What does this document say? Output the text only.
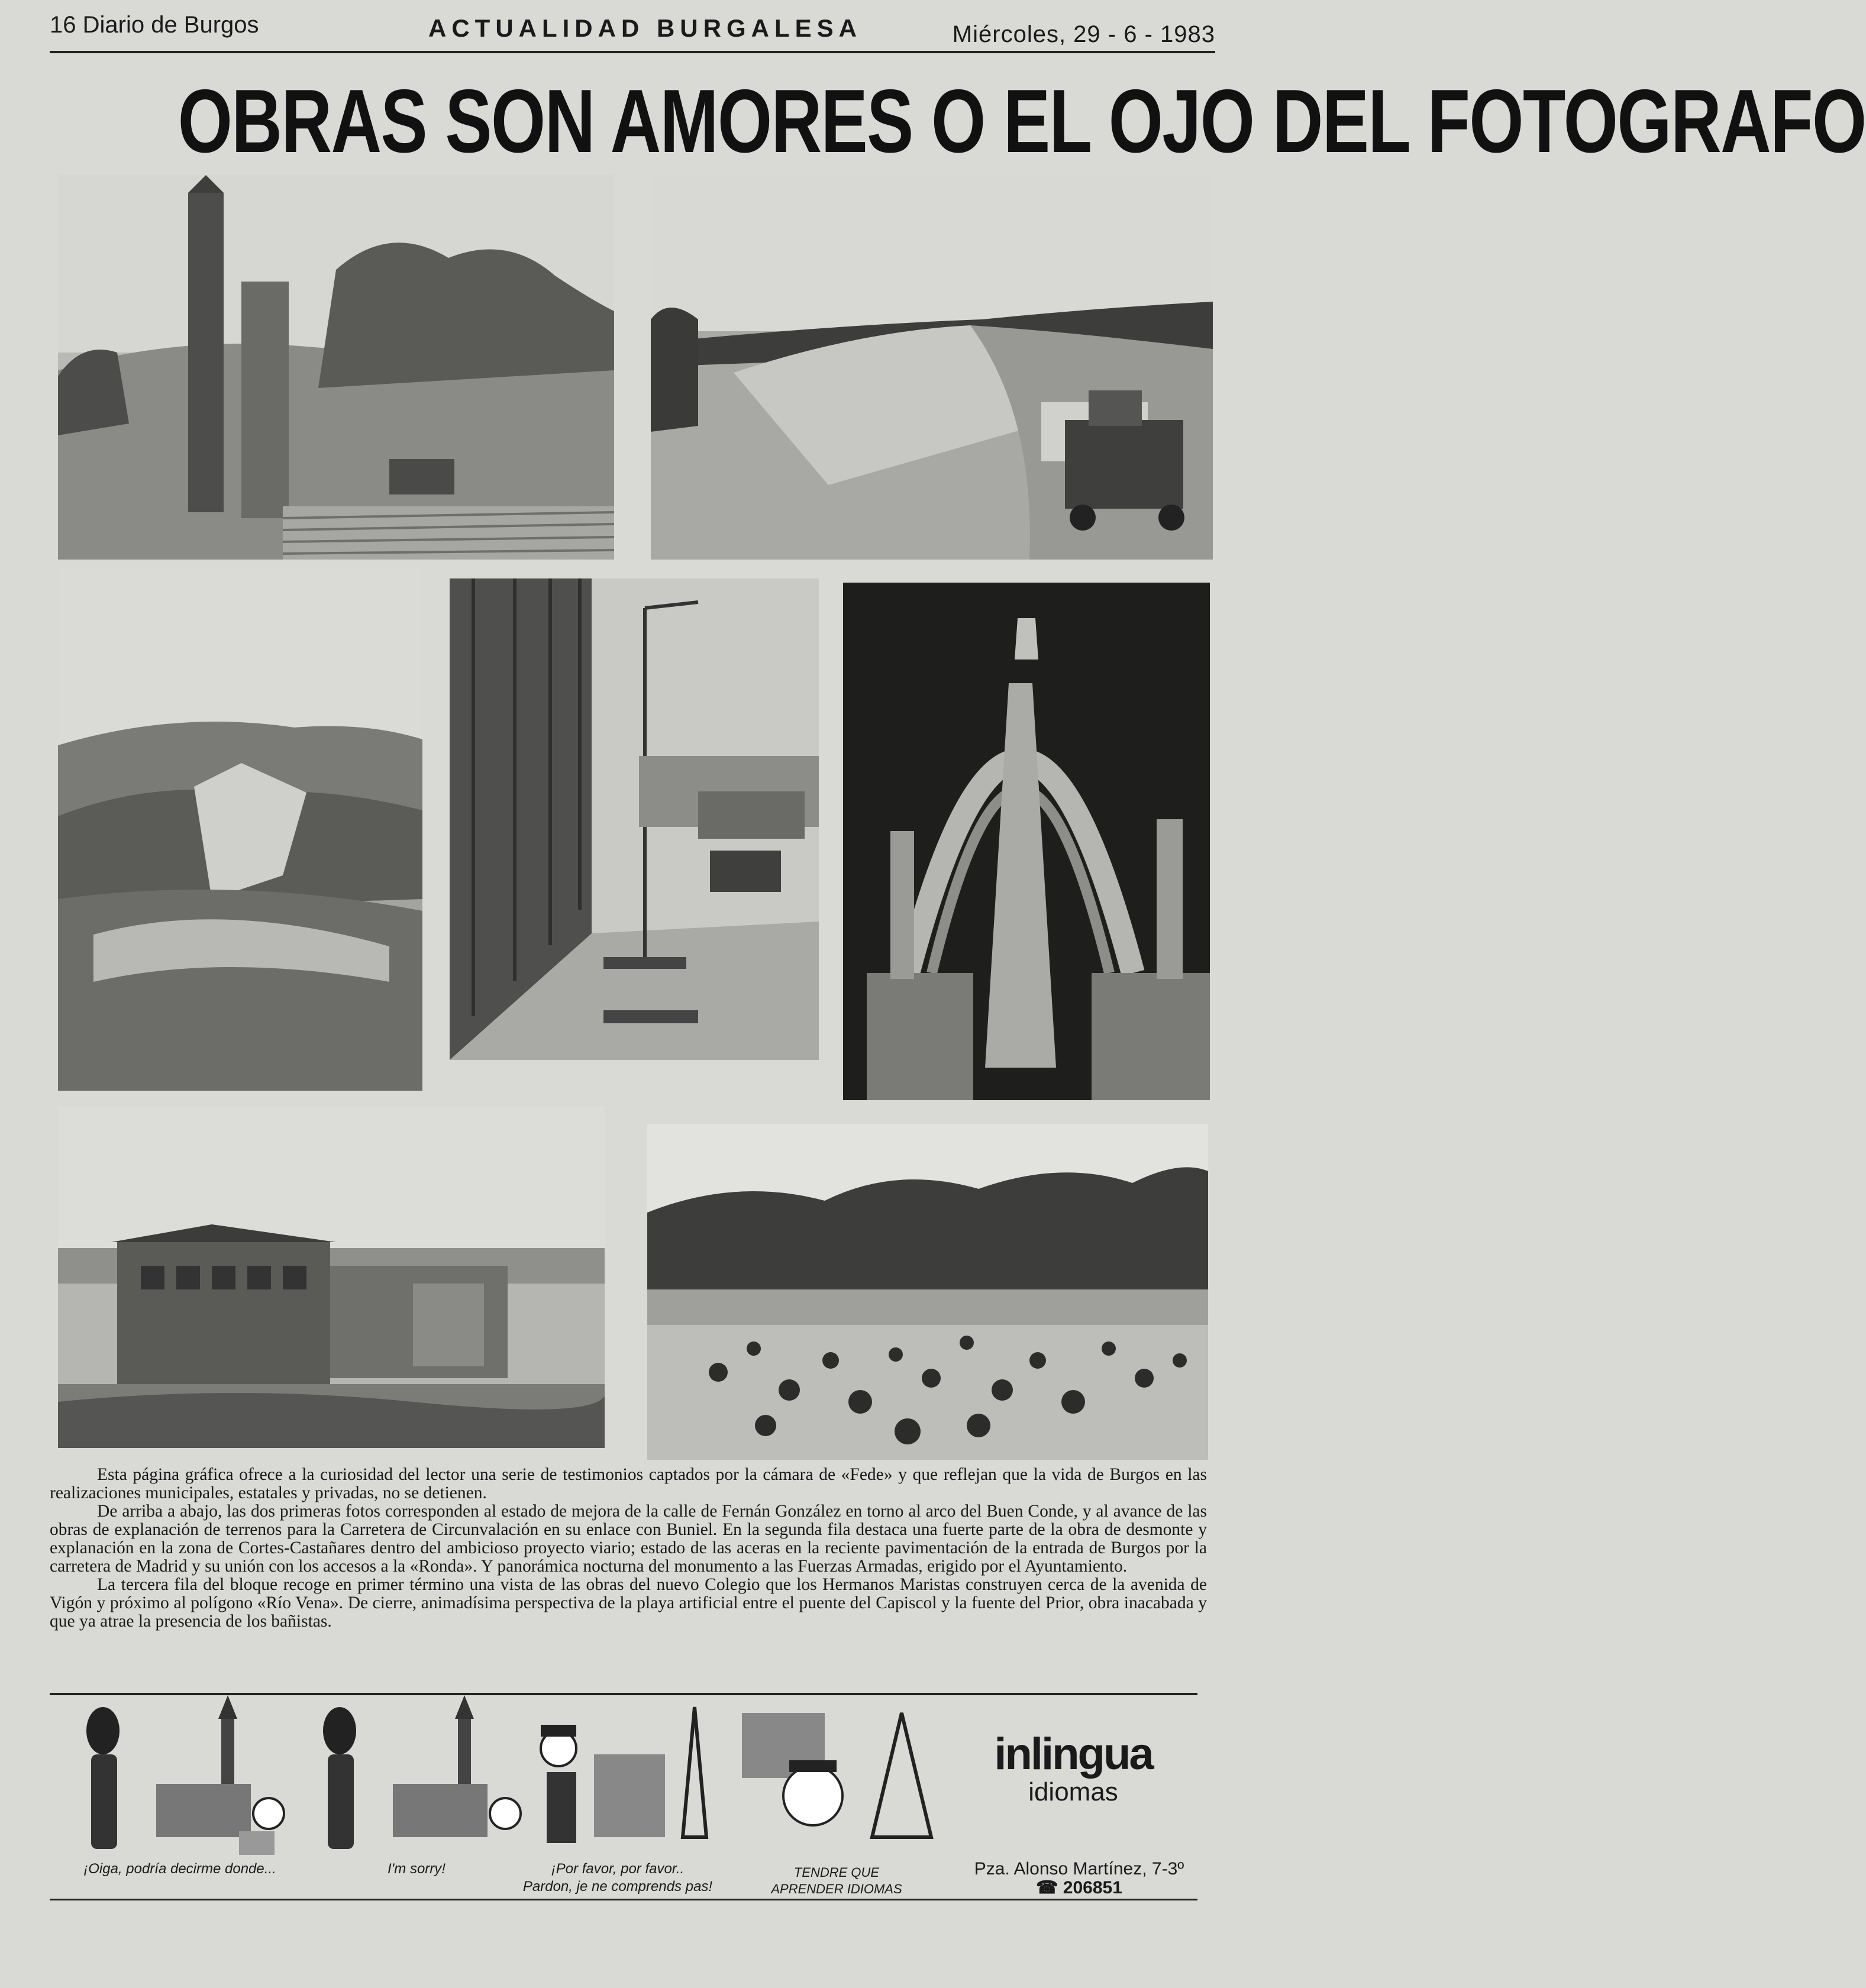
16 Diario de Burgos	ACTUALIDAD BURGALESA	Miércoles, 29 - 6 - 1983
OBRAS SON AMORES O EL OJO DEL FOTOGRAFO

Esta página gráfica ofrece a la curiosidad del lector una serie de testimonios captados por la cámara de «Fede» y que reflejan que la vida de Burgos en las realizaciones municipales, estatales y privadas, no se detienen.

De arriba a abajo, las dos primeras fotos corresponden al estado de mejora de la calle de Fernán González en torno al arco del Buen Conde, y al avance de las obras de explanación de terrenos para la Carretera de Circunvalación en su enlace con Buniel. En la segunda fila destaca una fuerte parte de la obra de desmonte y explanación en la zona de Cortes-Castañares dentro del ambicioso proyecto viario; estado de las aceras en la reciente pavimentación de la entrada de Burgos por la carretera de Madrid y su unión con los accesos a la «Ronda». Y panorámica nocturna del monumento a las Fuerzas Armadas, erigido por el Ayuntamiento.

La tercera fila del bloque recoge en primer término una vista de las obras del nuevo Colegio que los Hermanos Maristas construyen cerca de la avenida de Vigón y próximo al polígono «Río Vena». De cierre, animadísima perspectiva de la playa artificial entre el puente del Capiscol y la fuente del Prior, obra inacabada y que ya atrae la presencia de los bañistas.

¡Oiga, podría decirme donde...	I'm sorry!	¡Por favor, por favor..
Pardon, je ne comprends pas!
TENDRE QUE
APRENDER IDIOMAS
inlingua
idiomas
Pza. Alonso Martínez, 7-3º
☎ 206851
